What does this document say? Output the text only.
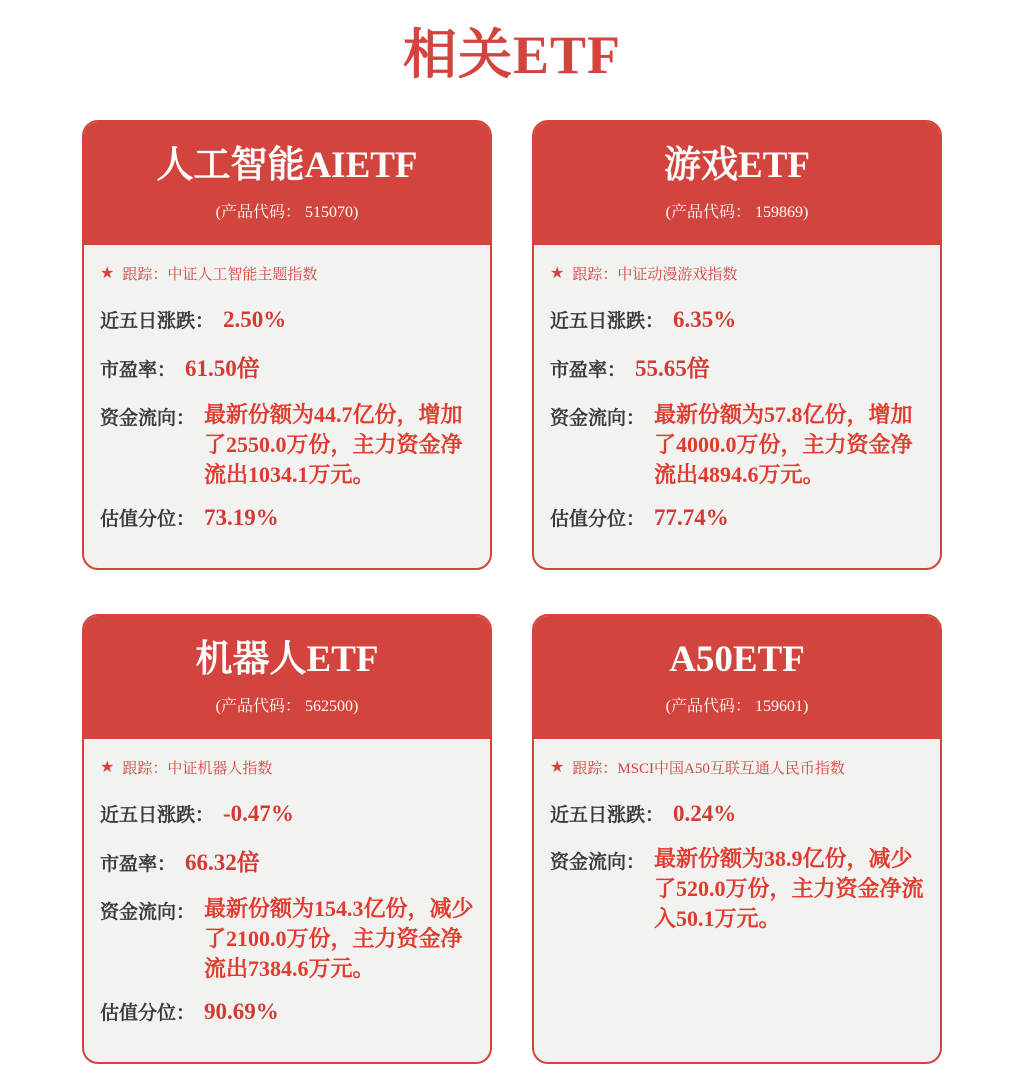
相关ETF
人工智能AIETF
(产品代码： 515070)
★ 跟踪： 中证人工智能主题指数
近五日涨跌： 2.50%
市盈率： 61.50倍
资金流向： 最新份额为44.7亿份，增加了2550.0万份，主力资金净流出1034.1万元。
估值分位： 73.19%
游戏ETF
(产品代码： 159869)
★ 跟踪： 中证动漫游戏指数
近五日涨跌： 6.35%
市盈率： 55.65倍
资金流向： 最新份额为57.8亿份，增加了4000.0万份，主力资金净流出4894.6万元。
估值分位： 77.74%
机器人ETF
(产品代码： 562500)
★ 跟踪： 中证机器人指数
近五日涨跌： -0.47%
市盈率： 66.32倍
资金流向： 最新份额为154.3亿份，减少了2100.0万份，主力资金净流出7384.6万元。
估值分位： 90.69%
A50ETF
(产品代码： 159601)
★ 跟踪： MSCI中国A50互联互通人民币指数
近五日涨跌： 0.24%
资金流向： 最新份额为38.9亿份，减少了520.0万份，主力资金净流入50.1万元。
